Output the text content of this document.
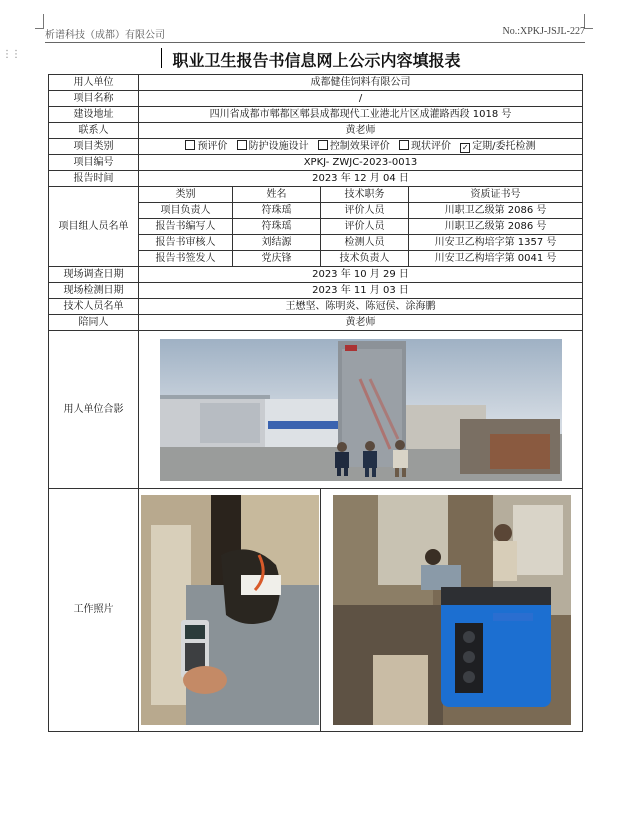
析谱科技（成都）有限公司	No.:XPKJ-JSJL-227
⋮⋮	职业卫生报告书信息网上公示内容填报表
用人单位	成都健佳饲料有限公司			
项目名称	/			
建设地址	四川省成都市郫都区郫县成都现代工业港北片区成灌路西段 1018 号			
联系人	黄老师			
项目类别	预评价 防护设施设计 控制效果评价 现状评价 ✓ 定期/委托检测			
项目编号	XPKJ- ZWJC-2023-0013			
报告时间	2023 年 12 月 04 日			
项目组人员名单	类别	姓名	技术职务	资质证书号
	项目负责人	符珠瑶	评价人员	川职卫乙级第 2086 号
	报告书编写人	符珠瑶	评价人员	川职卫乙级第 2086 号
	报告书审核人	刘结源	检测人员	川安卫乙构培字第 1357 号
	报告书签发人	党庆锋	技术负责人	川安卫乙构培字第 0041 号
现场调查日期	2023 年 10 月 29 日			
现场检测日期	2023 年 11 月 03 日			
技术人员名单	王懋坚、陈明炎、陈冠侯、涂海鹏			
陪同人	黄老师			
用人单位合影	

工作照片	
